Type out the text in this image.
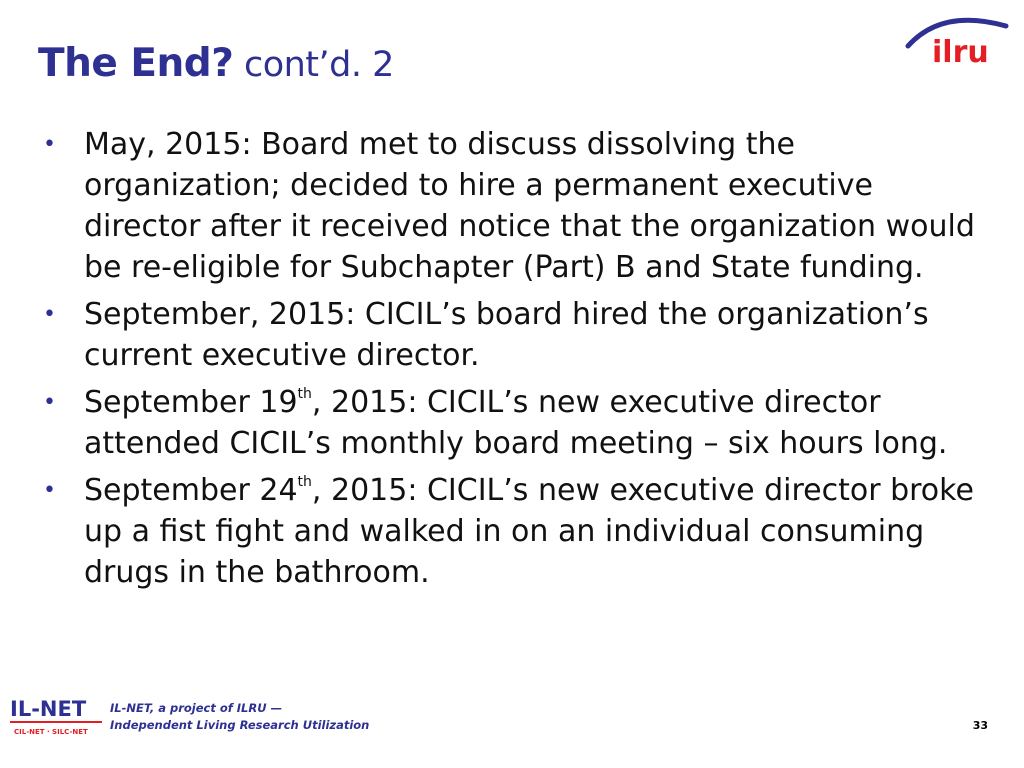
The End? cont’d. 2	ilru
• May, 2015: Board met to discuss dissolving the organization; decided to hire a permanent executive director after it received notice that the organization would be re-eligible for Subchapter (Part) B and State funding.
• September, 2015: CICIL’s board hired the organization’s current executive director.
• September 19th, 2015: CICIL’s new executive director attended CICIL’s monthly board meeting – six hours long.
• September 24th, 2015: CICIL’s new executive director broke up a fist fight and walked in on an individual consuming drugs in the bathroom.
IL-NET
CIL-NET · SILC-NET
IL-NET, a project of ILRU —
Independent Living Research Utilization	33
